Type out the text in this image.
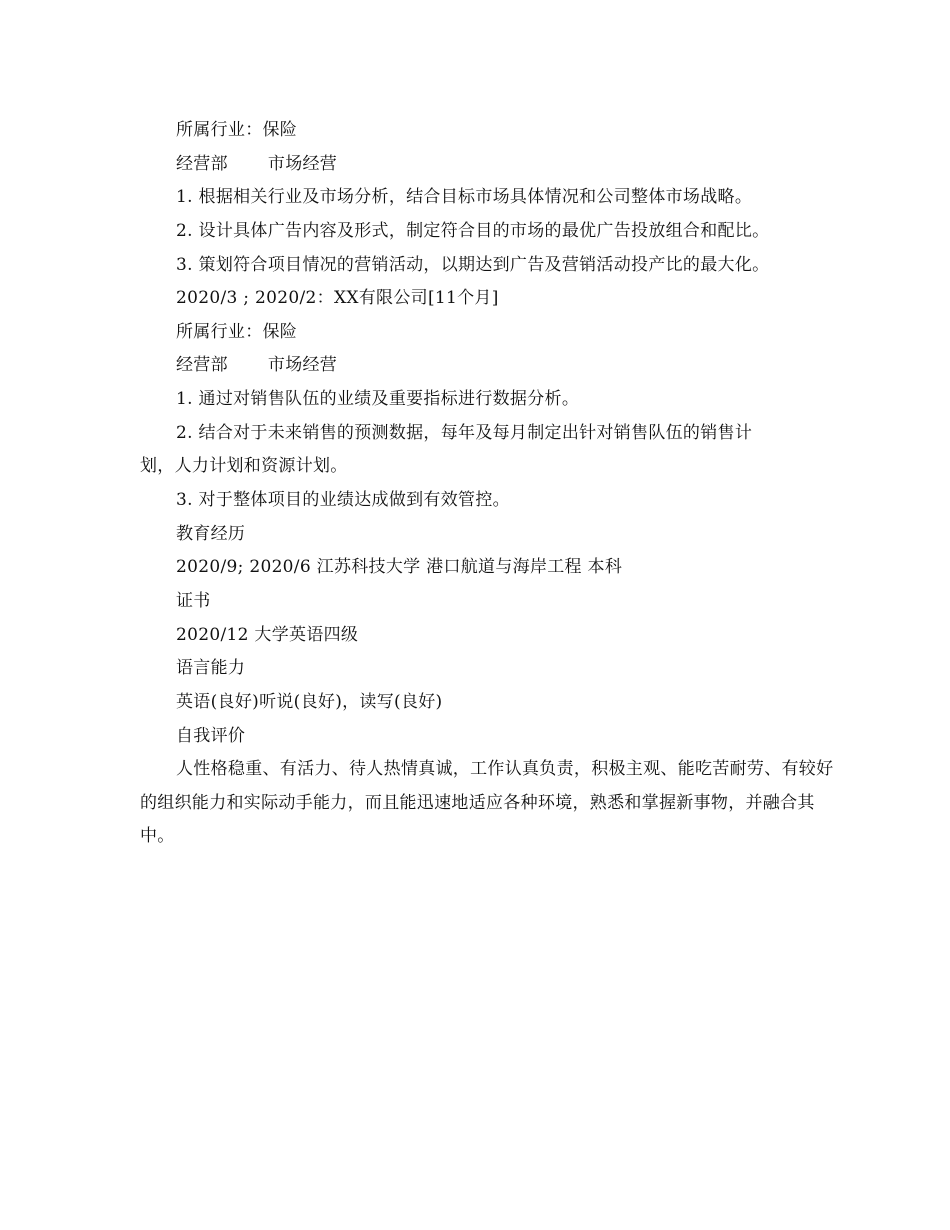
所属行业：保险
经营部 市场经营
1. 根据相关行业及市场分析，结合目标市场具体情况和公司整体市场战略。
2. 设计具体广告内容及形式，制定符合目的市场的最优广告投放组合和配比。
3. 策划符合项目情况的营销活动，以期达到广告及营销活动投产比的最大化。
2020/3 ; 2020/2：XX有限公司[11个月]
所属行业：保险
经营部 市场经营
1. 通过对销售队伍的业绩及重要指标进行数据分析。
2. 结合对于未来销售的预测数据，每年及每月制定出针对销售队伍的销售计
划，人力计划和资源计划。
3. 对于整体项目的业绩达成做到有效管控。
教育经历
2020/9; 2020/6 江苏科技大学 港口航道与海岸工程 本科
证书
2020/12 大学英语四级
语言能力
英语(良好)听说(良好)，读写(良好)
自我评价
人性格稳重、有活力、待人热情真诚，工作认真负责，积极主观、能吃苦耐劳、有较好的组织能力和实际动手能力，而且能迅速地适应各种环境，熟悉和掌握新事物，并融合其中。
